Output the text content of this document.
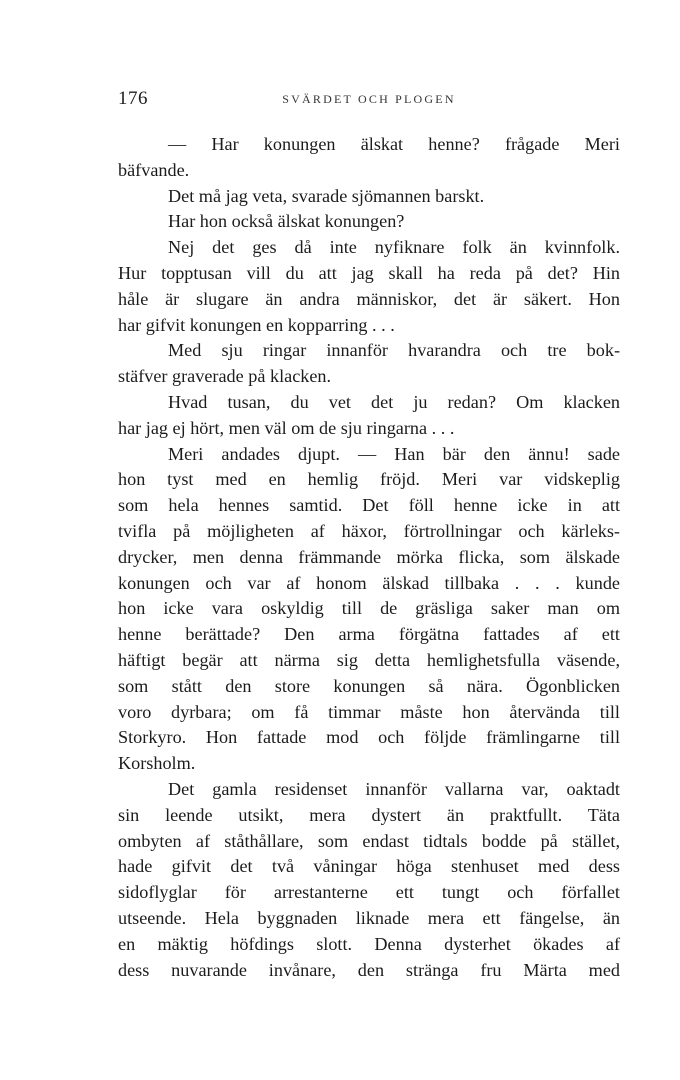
176	SVÄRDET OCH PLOGEN
— Har konungen älskat henne? frågade Meri
bäfvande.
Det må jag veta, svarade sjömannen barskt.
Har hon också älskat konungen?
Nej det ges då inte nyfiknare folk än kvinnfolk.
Hur topptusan vill du att jag skall ha reda på det? Hin
håle är slugare än andra människor, det är säkert. Hon
har gifvit konungen en kopparring . . .
Med sju ringar innanför hvarandra och tre bok-
stäfver graverade på klacken.
Hvad tusan, du vet det ju redan? Om klacken
har jag ej hört, men väl om de sju ringarna . . .
Meri andades djupt. — Han bär den ännu! sade
hon tyst med en hemlig fröjd. Meri var vidskeplig
som hela hennes samtid. Det föll henne icke in att
tvifla på möjligheten af häxor, förtrollningar och kärleks-
drycker, men denna främmande mörka flicka, som älskade
konungen och var af honom älskad tillbaka . . . kunde
hon icke vara oskyldig till de gräsliga saker man om
henne berättade? Den arma förgätna fattades af ett
häftigt begär att närma sig detta hemlighetsfulla väsende,
som stått den store konungen så nära. Ögonblicken
voro dyrbara; om få timmar måste hon återvända till
Storkyro. Hon fattade mod och följde främlingarne till
Korsholm.
Det gamla residenset innanför vallarna var, oaktadt
sin leende utsikt, mera dystert än praktfullt. Täta
ombyten af ståthållare, som endast tidtals bodde på stället,
hade gifvit det två våningar höga stenhuset med dess
sidoflyglar för arrestanterne ett tungt och förfallet
utseende. Hela byggnaden liknade mera ett fängelse, än
en mäktig höfdings slott. Denna dysterhet ökades af
dess nuvarande invånare, den stränga fru Märta med
